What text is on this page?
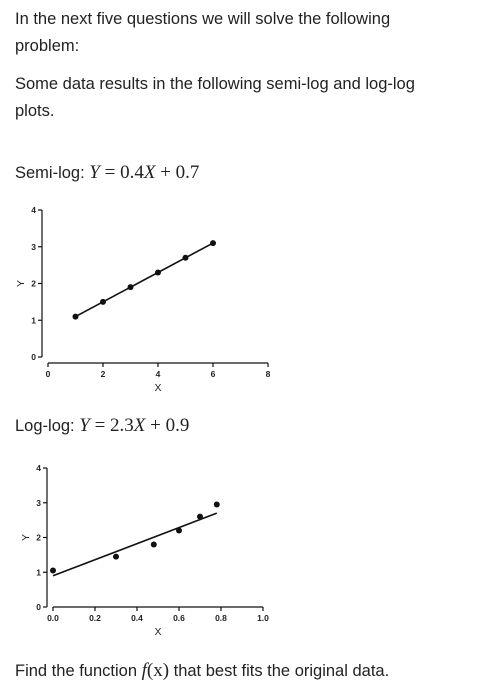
In the next five questions we will solve the following
problem:

Some data results in the following semi-log and log-log
plots.

Semi-log: Y = 0.4X + 0.7

0
1
2
3
4
0	2	4	6	8
X
Y

Log-log: Y = 2.3X + 0.9

0
1
2
3
4
0.0	0.2	0.4	0.6	0.8	1.0
X
Y

Find the function f(x) that best fits the original data.
